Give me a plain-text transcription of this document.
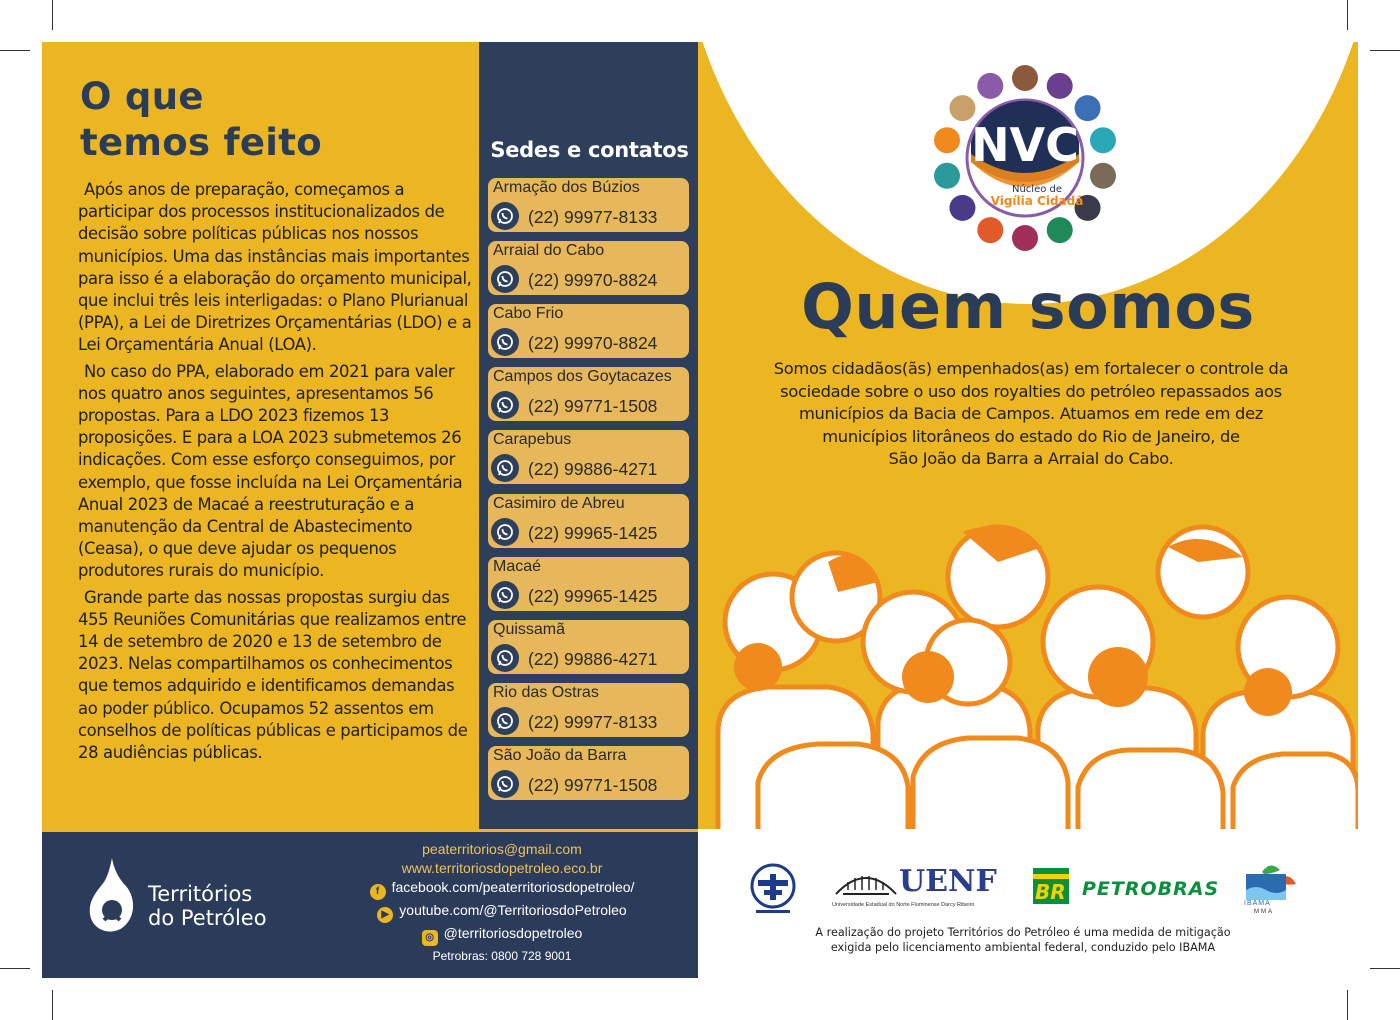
O que
temos feito

Após anos de preparação, começamos a participar dos processos institucionalizados de decisão sobre políticas públicas nos nossos municípios. Uma das instâncias mais importantes para isso é a elaboração do orçamento municipal, que inclui três leis interligadas: o Plano Plurianual (PPA), a Lei de Diretrizes Orçamentárias (LDO) e a Lei Orçamentária Anual (LOA).

No caso do PPA, elaborado em 2021 para valer nos quatro anos seguintes, apresentamos 56 propostas. Para a LDO 2023 fizemos 13 proposições. E para a LOA 2023 submetemos 26 indicações. Com esse esforço conseguimos, por exemplo, que fosse incluída na Lei Orçamentária Anual 2023 de Macaé a reestruturação e a manutenção da Central de Abastecimento (Ceasa), o que deve ajudar os pequenos produtores rurais do município.

Grande parte das nossas propostas surgiu das 455 Reuniões Comunitárias que realizamos entre 14 de setembro de 2020 e 13 de setembro de 2023. Nelas compartilhamos os conhecimentos que temos adquirido e identificamos demandas ao poder público. Ocupamos 52 assentos em conselhos de políticas públicas e participamos de 28 audiências públicas.

Sedes e contatos
Armação dos Búzios
(22) 99977-8133
Arraial do Cabo
(22) 99970-8824
Cabo Frio
(22) 99970-8824
Campos dos Goytacazes
(22) 99771-1508
Carapebus
(22) 99886-4271
Casimiro de Abreu
(22) 99965-1425
Macaé
(22) 99965-1425
Quissamã
(22) 99886-4271
Rio das Ostras
(22) 99977-8133
São João da Barra
(22) 99771-1508
Territórios
do Petróleo
peaterritorios@gmail.com
www.territoriosdopetroleo.eco.br
f facebook.com/peaterritoriosdopetroleo/
▶ youtube.com/@TerritoriosdoPetroleo
◎ @territoriosdopetroleo
Petrobras: 0800 728 9001
NVC
Núcleo de
Vigília Cidadã
Quem somos
Somos cidadãos(ãs) empenhados(as) em fortalecer o controle da
sociedade sobre o uso dos royalties do petróleo repassados aos
municípios da Bacia de Campos. Atuamos em rede em dez
municípios litorâneos do estado do Rio de Janeiro, de
São João da Barra a Arraial do Cabo.
UENF
Universidade Estadual do Norte Fluminense Darcy Ribeiro
BR PETROBRAS
IBAMA
MMA
A realização do projeto Territórios do Petróleo é uma medida de mitigação
exigida pelo licenciamento ambiental federal, conduzido pelo IBAMA
